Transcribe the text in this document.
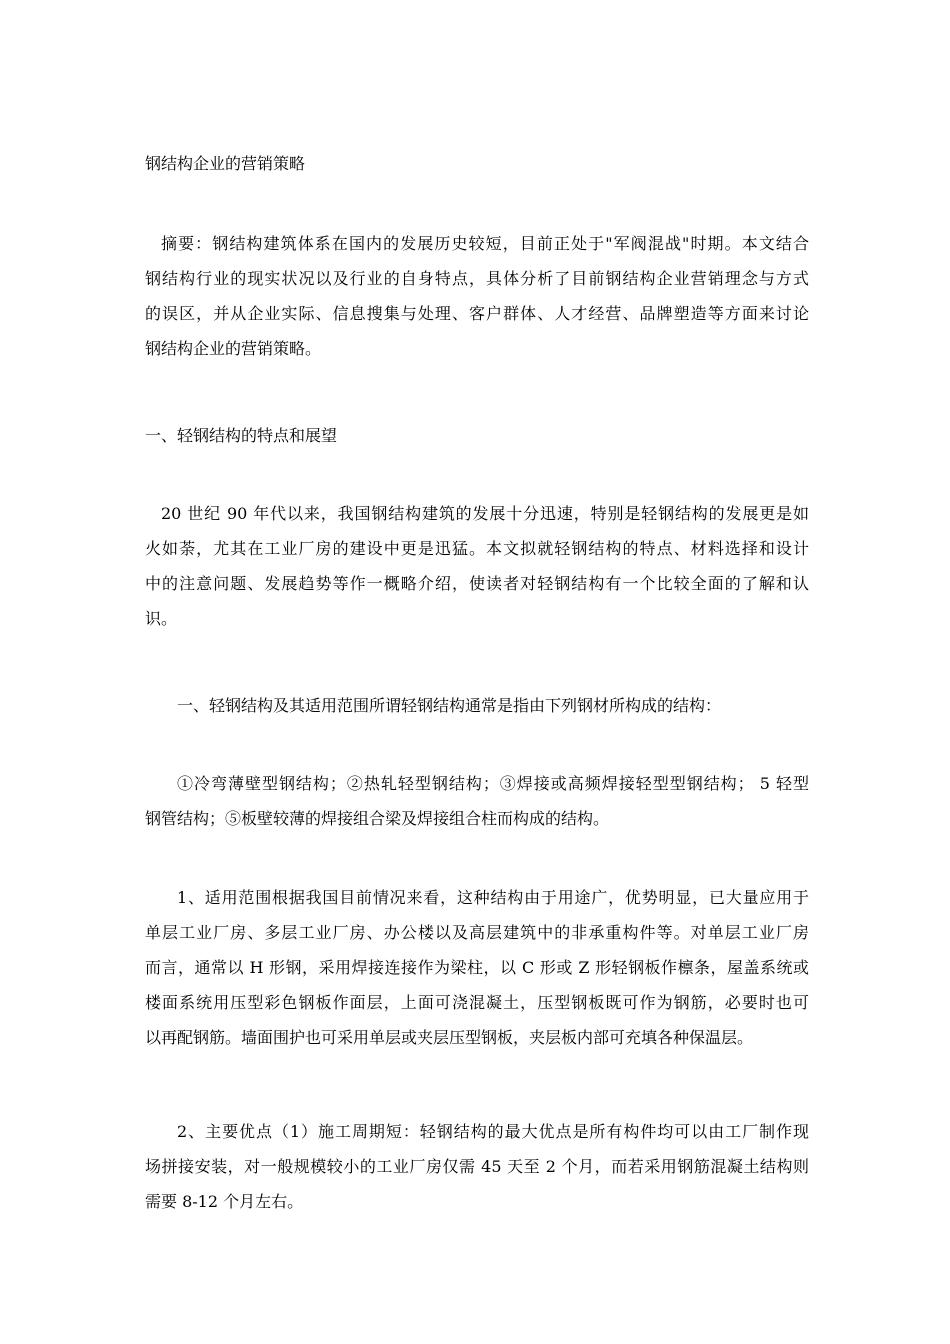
钢结构企业的营销策略
摘要：钢结构建筑体系在国内的发展历史较短，目前正处于"军阀混战"时期。本文结合
钢结构行业的现实状况以及行业的自身特点，具体分析了目前钢结构企业营销理念与方式
的误区，并从企业实际、信息搜集与处理、客户群体、人才经营、品牌塑造等方面来讨论
钢结构企业的营销策略。
一、轻钢结构的特点和展望
20 世纪 90 年代以来，我国钢结构建筑的发展十分迅速，特别是轻钢结构的发展更是如
火如荼，尤其在工业厂房的建设中更是迅猛。本文拟就轻钢结构的特点、材料选择和设计
中的注意问题、发展趋势等作一概略介绍，使读者对轻钢结构有一个比较全面的了解和认
识。
一、轻钢结构及其适用范围所谓轻钢结构通常是指由下列钢材所构成的结构：
①冷弯薄壁型钢结构；②热轧轻型钢结构；③焊接或高频焊接轻型型钢结构； 5 轻型
钢管结构；⑤板壁较薄的焊接组合梁及焊接组合柱而构成的结构。
1、适用范围根据我国目前情况来看，这种结构由于用途广，优势明显，已大量应用于
单层工业厂房、多层工业厂房、办公楼以及高层建筑中的非承重构件等。对单层工业厂房
而言，通常以 H 形钢，采用焊接连接作为梁柱，以 C 形或 Z 形轻钢板作檩条，屋盖系统或
楼面系统用压型彩色钢板作面层，上面可浇混凝土，压型钢板既可作为钢筋，必要时也可
以再配钢筋。墙面围护也可采用单层或夹层压型钢板，夹层板内部可充填各种保温层。
2、主要优点（1）施工周期短：轻钢结构的最大优点是所有构件均可以由工厂制作现
场拼接安装，对一般规模较小的工业厂房仅需 45 天至 2 个月，而若采用钢筋混凝土结构则
需要 8-12 个月左右。
